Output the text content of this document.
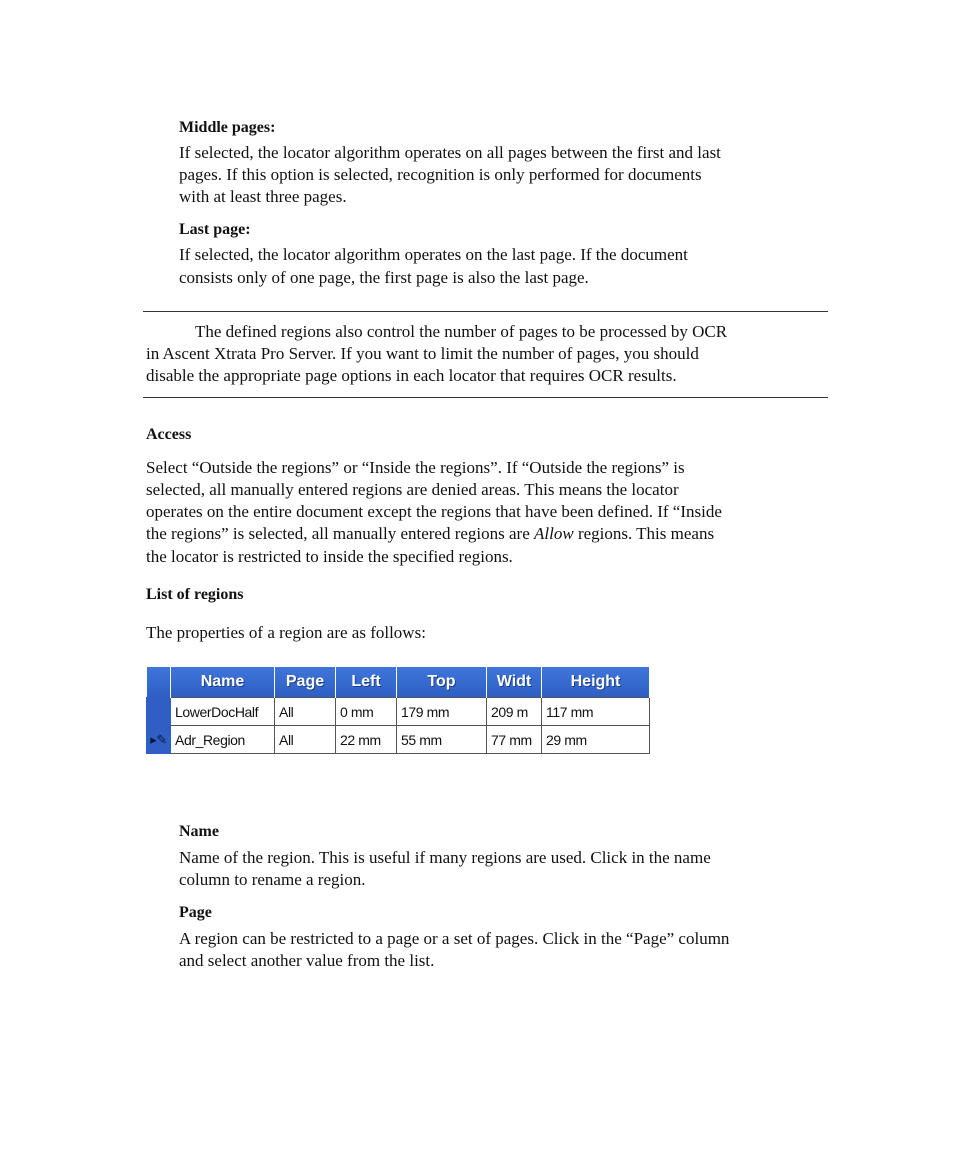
Middle pages:

If selected, the locator algorithm operates on all pages between the first and last

pages. If this option is selected, recognition is only performed for documents

with at least three pages.

Last page:

If selected, the locator algorithm operates on the last page. If the document

consists only of one page, the first page is also the last page.

The defined regions also control the number of pages to be processed by OCR

in Ascent Xtrata Pro Server. If you want to limit the number of pages, you should

disable the appropriate page options in each locator that requires OCR results.

Access

Select “Outside the regions” or “Inside the regions”. If “Outside the regions” is

selected, all manually entered regions are denied areas. This means the locator

operates on the entire document except the regions that have been defined. If “Inside

the regions” is selected, all manually entered regions are Allow regions. This means

the locator is restricted to inside the specified regions.

List of regions

The properties of a region are as follows:

	Name	Page	Left	Top	Widt	Height
	LowerDocHalf	All	0 mm	179 mm	209 m	117 mm
▸✎	Adr_Region	All	22 mm	55 mm	77 mm	29 mm

Name

Name of the region. This is useful if many regions are used. Click in the name

column to rename a region.

Page

A region can be restricted to a page or a set of pages. Click in the “Page” column

and select another value from the list.
